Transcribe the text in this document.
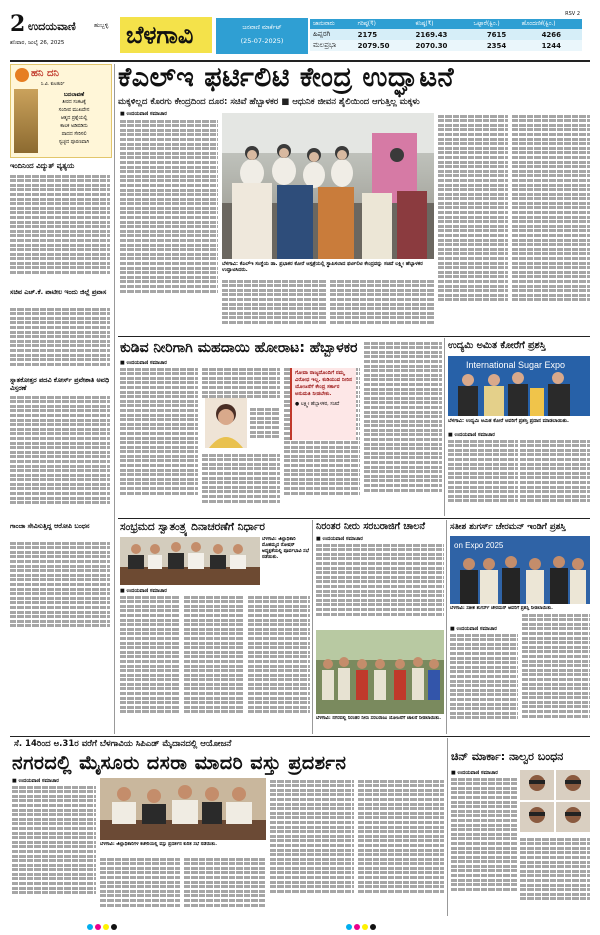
2 ಉದಯವಾಣಿ	ಹುಬ್ಬಳ್ಳಿ
ಶನಿವಾರ, ಜುಲೈ 26, 2025	ಬೆಳಗಾವಿ	ಜನವಾಣಿ ಮಾರ್ಕೆಟ್
(25-07-2025)
ಜಾನುವಾರು	ಗರಿಷ್ಠ(₹)	ಕನಿಷ್ಠ(₹)	ಒಟ್ಟಾರೆ(ಕ್ವಿಂ.)	ಹೊಂದಣಿಕೆ(ಕ್ವಿಂ.)
ಹಿಪ್ಪರಗಿ	2175	2169.43	7615	4266
ಮಲಪ್ರಭಾ	2079.50	2070.30	2354	1244
RSV 2
ಹನಿ ದನಿ
ಸಿ.ವಿ. ಕುಲಕರ್ಣಿ
ಬದಲಾವಣೆ
ತೀರದ ಸಂಕಟಕ್ಕೆ
ಸಂದೀಪ ಮುಖವೇನ
ಆತ್ಮದ ಪ್ರಶ್ನೆಯಲ್ಲಿ
ಕಾಲಕ ಅಡಿಪಡಿದು
ಪಾದದ ಸೇರಿಸಲಿ
ಸ್ವಚ್ಛದ ಪೂರಣವಾಗಿ
ಇಂದಿನಿಂದ ವಿದ್ಯುತ್ ವ್ಯತ್ಯಯ
ಸಚಿವ ಎಚ್.ಕೆ. ಪಾಟೀಲ ಇಂದು ಜಿಲ್ಲೆ ಪ್ರವಾಸ
ಸ್ನಾತಕೋತ್ತರ ಪದವಿ ಕೋರ್ಸ್ ಪ್ರವೇಶಾತಿ ಅವಧಿ ವಿಸ್ತರಣೆ
ಗಾಂಜಾ ಸೇವಿಸುತ್ತಿದ್ದ ಆರೋಪಿ ಬಂಧನ
ಕೆಎಲ್ಇ ಫರ್ಟಿಲಿಟಿ ಕೇಂದ್ರ ಉದ್ಘಾಟನೆ
ಮಕ್ಕಳಿಲ್ಲದ ಕೊರಗು ಕೇಂದ್ರದಿಂದ ದೂರ: ಸಚಿವೆ ಹೆಬ್ಬಾಳಕರ ■ ಆಧುನಿಕ ಜೀವನ ಶೈಲಿಯಿಂದ ಆಗುತ್ತಿಲ್ಲ ಮಕ್ಕಳು
■ ಉದಯವಾಣಿ ಸಮಾಚಾರ
ಬೆಳಗಾವಿ: ಕೆಎಲ್ಇ ಸಂಸ್ಥೆಯ ಡಾ. ಪ್ರಭಾಕರ ಕೋರೆ ಆಸ್ಪತ್ರೆಯಲ್ಲಿ ಸ್ಥಾಪಿಸಲಾದ ಫರ್ಟಿಲಿಟಿ ಕೇಂದ್ರವನ್ನು ಸಚಿವೆ ಲಕ್ಷ್ಮೀ ಹೆಬ್ಬಾಳಕರ ಉದ್ಘಾಟಿಸಿದರು.
ಕುಡಿವ ನೀರಿಗಾಗಿ ಮಹದಾಯಿ ಹೋರಾಟ: ಹೆಬ್ಬಾಳಕರ
■ ಉದಯವಾಣಿ ಸಮಾಚಾರ
ಗೋವಾ ರಾಜ್ಯದೊಂದಿಗೆ ನಮ್ಮ ವಿರೋಧ ಇಲ್ಲ. ಕುಡಿಯುವ ನೀರಿನ ಯೋಜನೆಗೆ ಕೇಂದ್ರ ಸರ್ಕಾರ ಅನುಮತಿ ನೀಡಬೇಕು.
● ಲಕ್ಷ್ಮೀ ಹೆಬ್ಬಾಳಕರ, ಸಚಿವೆ
ಉದ್ಯಮಿ ಅಮಿತ ಕೋರೆಗೆ ಪ್ರಶಸ್ತಿ
International Sugar Expo
ಬೆಳಗಾವಿ: ಉದ್ಯಮಿ ಅಮಿತ ಕೋರೆ ಅವರಿಗೆ ಪ್ರಶಸ್ತಿ ಪ್ರದಾನ ಮಾಡಲಾಯಿತು.
■ ಉದಯವಾಣಿ ಸಮಾಚಾರ
ಸಂಭ್ರಮದ ಸ್ವಾತಂತ್ರ್ಯ ದಿನಾಚರಣೆಗೆ ನಿರ್ಧಾರ
ಬೆಳಗಾವಿ: ಜಿಲ್ಲಾಧಿಕಾರಿ ಮೊಹಮ್ಮದ ರೋಷನ್ ಅಧ್ಯಕ್ಷತೆಯಲ್ಲಿ ಪೂರ್ವಭಾವಿ ಸಭೆ ನಡೆಯಿತು.
■ ಉದಯವಾಣಿ ಸಮಾಚಾರ
ನಿರಂತರ ನೀರು ಸರಬರಾಜಿಗೆ ಚಾಲನೆ
■ ಉದಯವಾಣಿ ಸಮಾಚಾರ
ಬೆಳಗಾವಿ: ನಗರದಲ್ಲಿ ನಿರಂತರ ನೀರು ಸರಬರಾಜು ಯೋಜನೆಗೆ ಚಾಲನೆ ನೀಡಲಾಯಿತು.
ಸತೀಶ ಶುಗರ್ಸ್ ಚೇರಮನ್ ಇಂಡಿಗೆ ಪ್ರಶಸ್ತಿ
on Expo 2025
ಬೆಳಗಾವಿ: ಸತೀಶ ಶುಗರ್ಸ್ ಚೇರಮನ್ ಅವರಿಗೆ ಪ್ರಶಸ್ತಿ ನೀಡಲಾಯಿತು.
■ ಉದಯವಾಣಿ ಸಮಾಚಾರ
ಸೆ. 14ರಿಂದ ಅ.31ರ ವರೆಗೆ ಬೆಳಗಾವಿಯ ಸಿಪಿಎಡ್ ಮೈದಾನದಲ್ಲಿ ಆಯೋಜನೆ
ನಗರದಲ್ಲಿ ಮೈಸೂರು ದಸರಾ ಮಾದರಿ ವಸ್ತು ಪ್ರದರ್ಶನ
■ ಉದಯವಾಣಿ ಸಮಾಚಾರ
ಬೆಳಗಾವಿ: ಜಿಲ್ಲಾಧಿಕಾರಿಗಳ ಕಚೇರಿಯಲ್ಲಿ ವಸ್ತು ಪ್ರದರ್ಶನ ಕುರಿತ ಸಭೆ ನಡೆಯಿತು.
ಚಿನ್ ಮಾರ್ಕಾ: ನಾಲ್ವರ ಬಂಧನ
■ ಉದಯವಾಣಿ ಸಮಾಚಾರ
